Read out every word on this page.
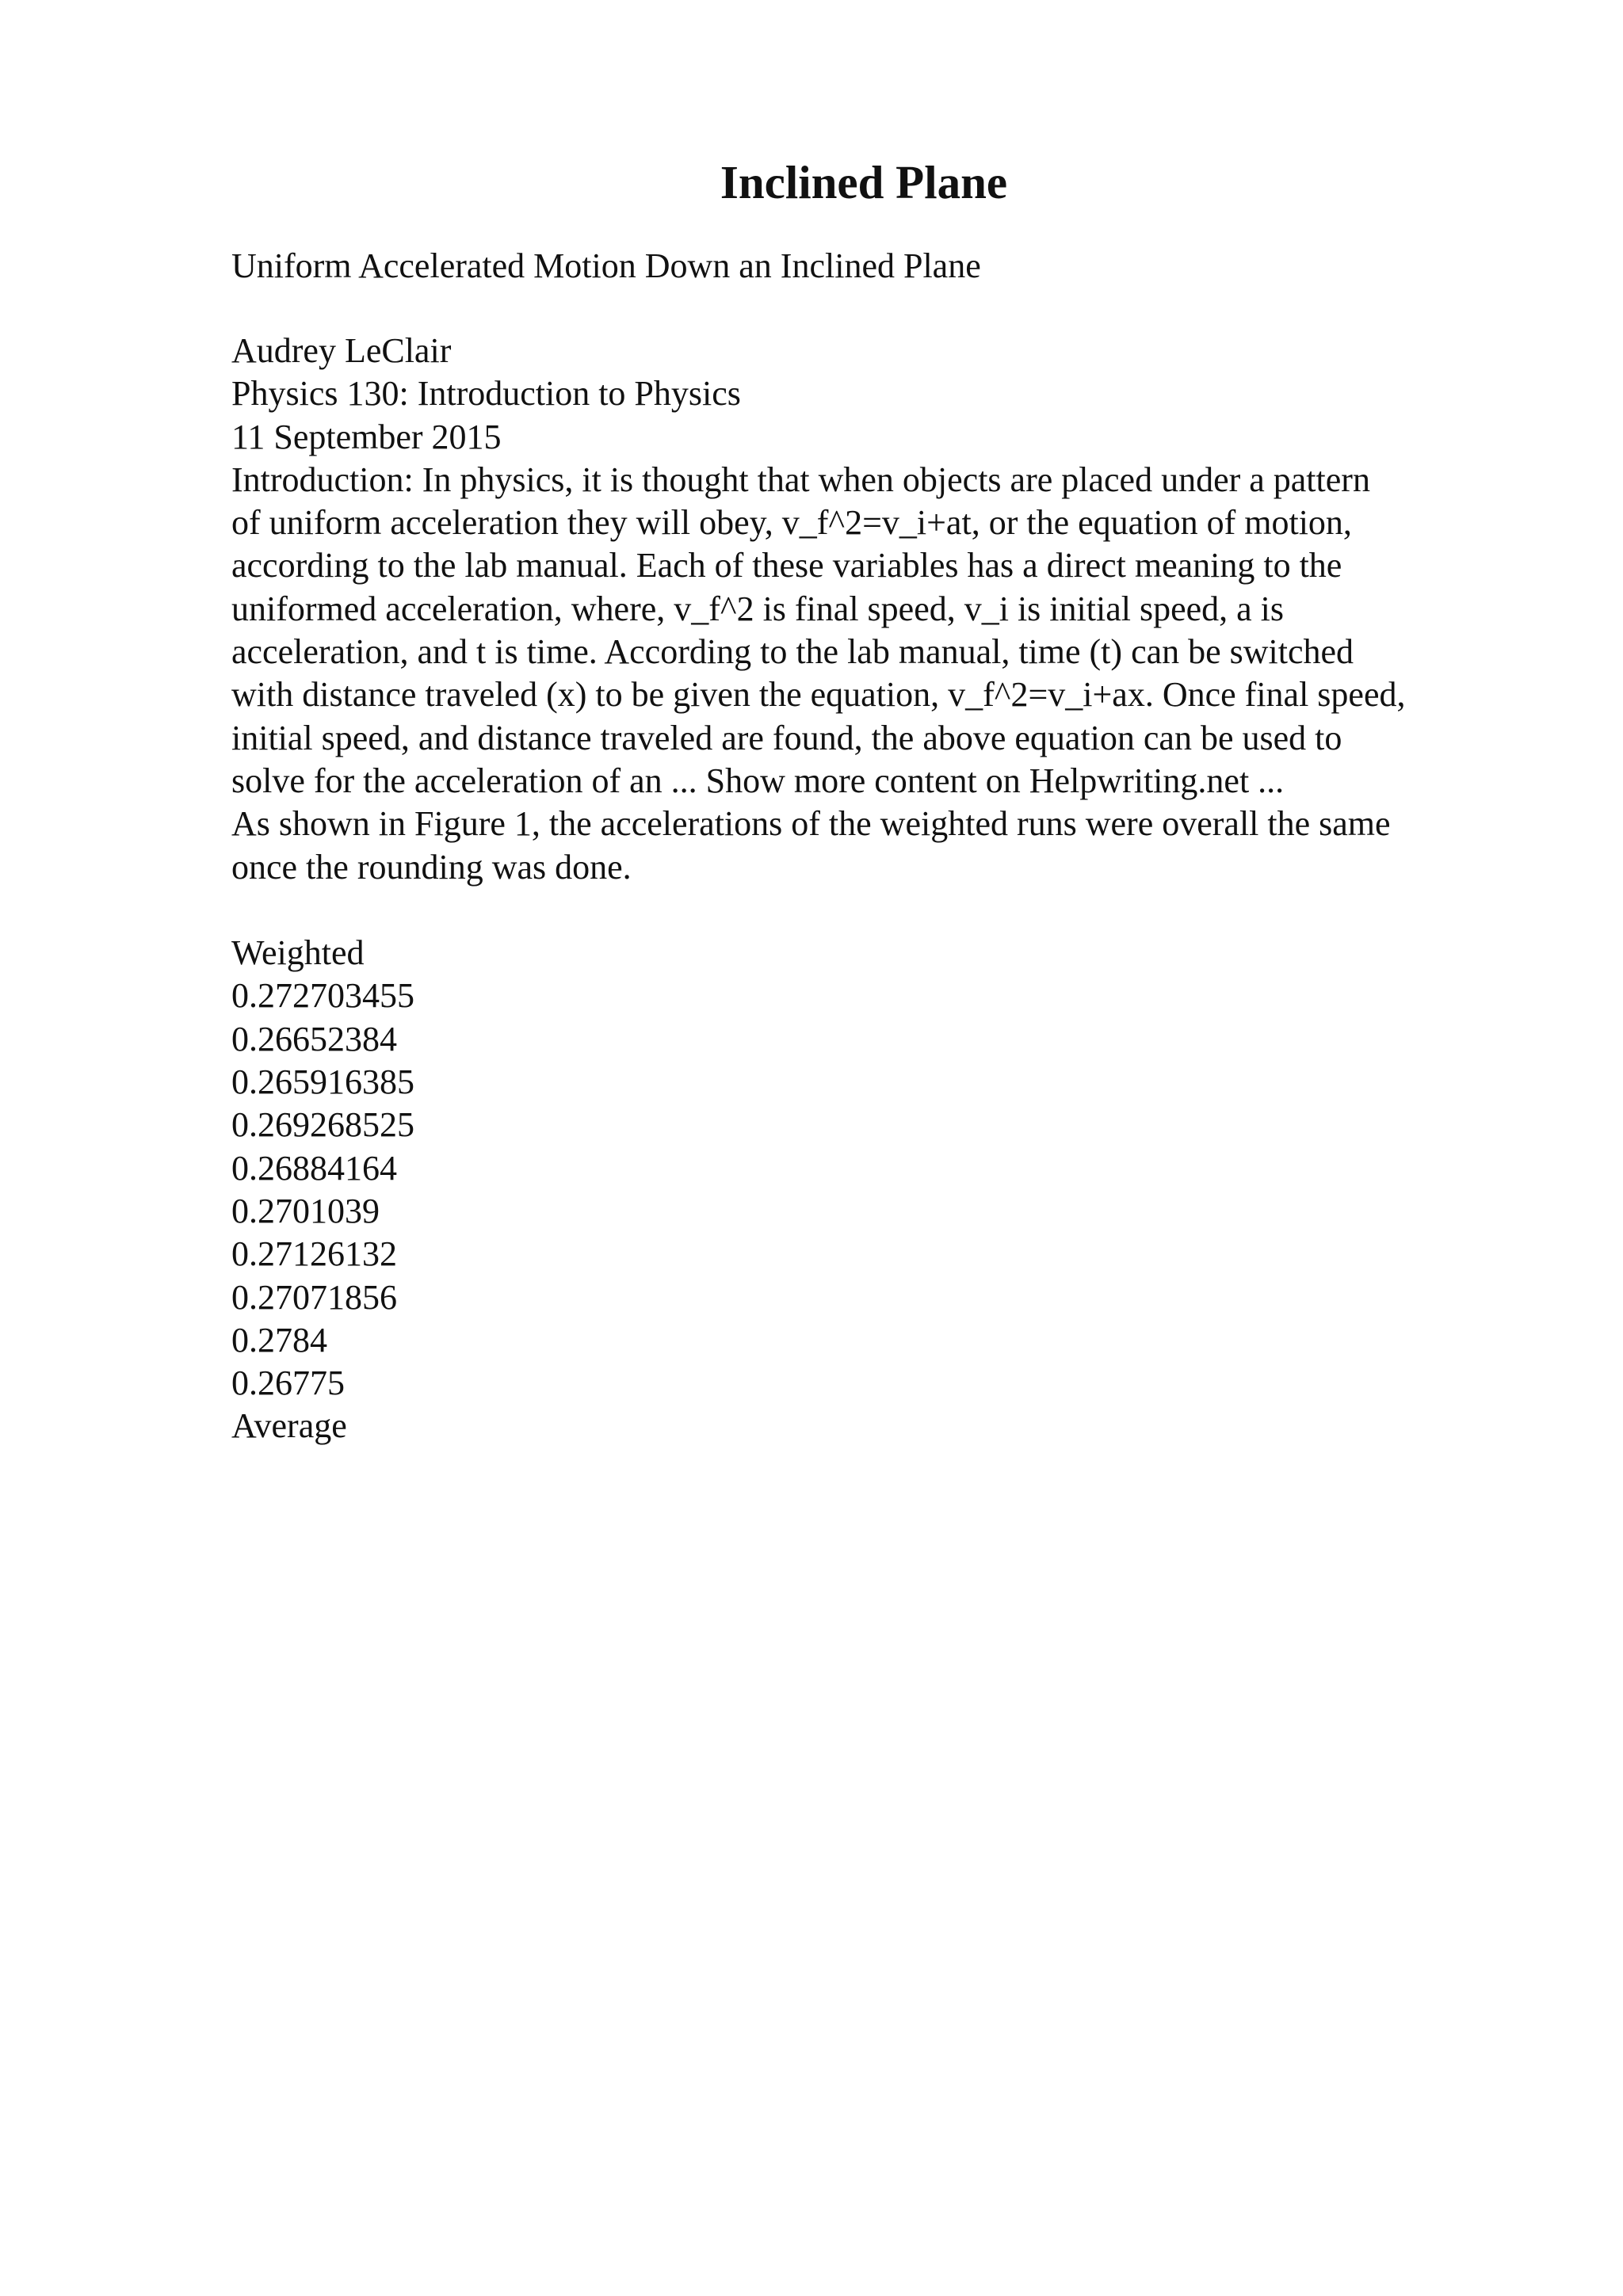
Inclined Plane

Uniform Accelerated Motion Down an Inclined Plane

Audrey LeClair
Physics 130: Introduction to Physics
11 September 2015
Introduction: In physics, it is thought that when objects are placed under a pattern
of uniform acceleration they will obey, v_f^2=v_i+at, or the equation of motion,
according to the lab manual. Each of these variables has a direct meaning to the
uniformed acceleration, where, v_f^2 is final speed, v_i is initial speed, a is
acceleration, and t is time. According to the lab manual, time (t) can be switched
with distance traveled (x) to be given the equation, v_f^2=v_i+ax. Once final speed,
initial speed, and distance traveled are found, the above equation can be used to
solve for the acceleration of an ... Show more content on Helpwriting.net ...
As shown in Figure 1, the accelerations of the weighted runs were overall the same
once the rounding was done.
Weighted
0.272703455
0.26652384
0.265916385
0.269268525
0.26884164
0.2701039
0.27126132
0.27071856
0.2784
0.26775
Average
